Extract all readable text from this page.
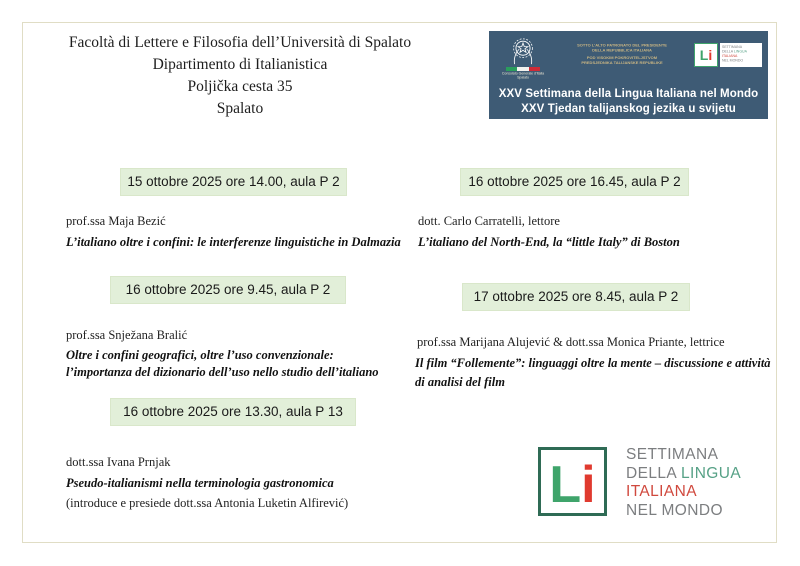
Facoltà di Lettere e Filosofia dell’Università di Spalato
Dipartimento di Italianistica
Poljička cesta 35
Spalato
Consolato Generale d’Italia
Spalato
SOTTO L’ALTO PATRONATO DEL PRESIDENTE
DELLA REPUBBLICA ITALIANA
POD VISOKIM POKROVITELJSTVOM
PREDSJEDNIKA TALIJANSKE REPUBLIKE	L i SETTIMANA
DELLA LINGUA
ITALIANA
NEL MONDO
XXV Settimana della Lingua Italiana nel Mondo
XXV Tjedan talijanskog jezika u svijetu
15 ottobre 2025 ore 14.00, aula P 2
prof.ssa Maja Bezić
L’italiano oltre i confini: le interferenze linguistiche in Dalmazia
16 ottobre 2025 ore 9.45, aula P 2
prof.ssa Snježana Bralić
Oltre i confini geografici, oltre l’uso convenzionale:
l’importanza del dizionario dell’uso nello studio dell’italiano
16 ottobre 2025 ore 13.30, aula P 13
dott.ssa Ivana Prnjak
Pseudo-italianismi nella terminologia gastronomica
(introduce e presiede dott.ssa Antonia Luketin Alfirević)
16 ottobre 2025 ore 16.45, aula P 2
dott. Carlo Carratelli, lettore
L’italiano del North-End, la “little Italy” di Boston
17 ottobre 2025 ore 8.45, aula P 2
prof.ssa Marijana Alujević & dott.ssa Monica Priante, lettrice
Il film “Follemente”: linguaggi oltre la mente – discussione e attività
di analisi del film
L i
SETTIMANA
DELLA LINGUA
ITALIANA
NEL MONDO
